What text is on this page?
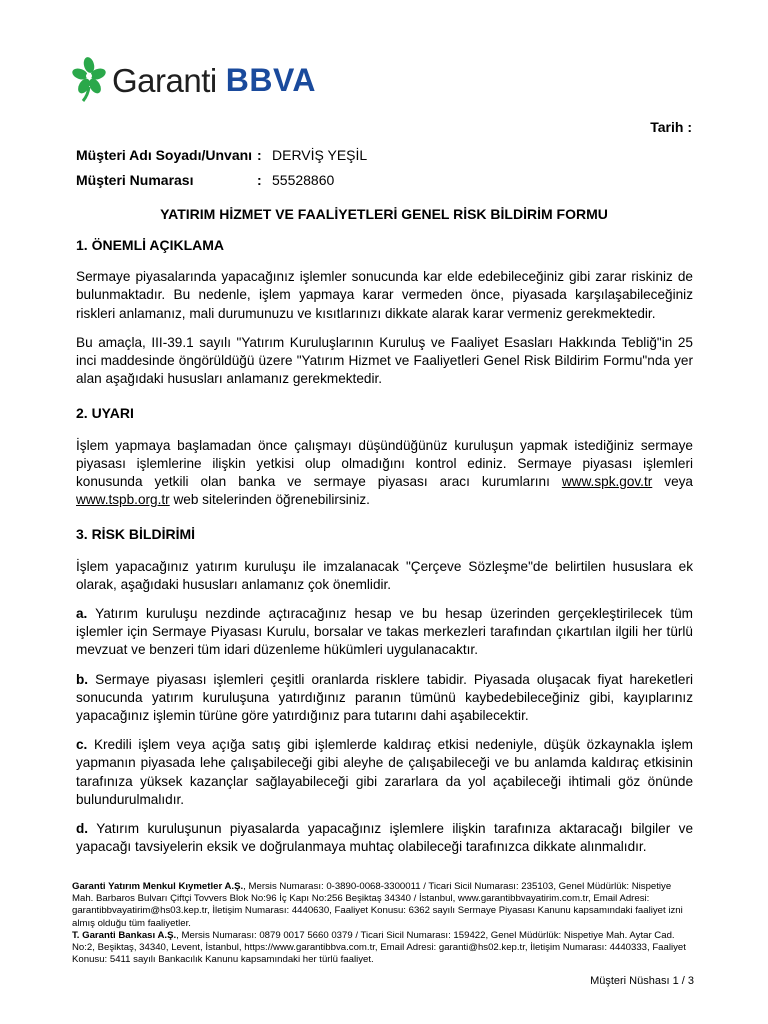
Garanti BBVA
Tarih :
Müşteri Adı Soyadı/Unvanı : DERVİŞ YEŞİL
Müşteri Numarası	: 55528860
YATIRIM HİZMET VE FAALİYETLERİ GENEL RİSK BİLDİRİM FORMU
1. ÖNEMLİ AÇIKLAMA

Sermaye piyasalarında yapacağınız işlemler sonucunda kar elde edebileceğiniz gibi zarar riskiniz de bulunmaktadır. Bu nedenle, işlem yapmaya karar vermeden önce, piyasada karşılaşabileceğiniz riskleri anlamanız, mali durumunuzu ve kısıtlarınızı dikkate alarak karar vermeniz gerekmektedir.

Bu amaçla, III-39.1 sayılı "Yatırım Kuruluşlarının Kuruluş ve Faaliyet Esasları Hakkında Tebliğ"in 25 inci maddesinde öngörüldüğü üzere "Yatırım Hizmet ve Faaliyetleri Genel Risk Bildirim Formu"nda yer alan aşağıdaki hususları anlamanız gerekmektedir.

2. UYARI

İşlem yapmaya başlamadan önce çalışmayı düşündüğünüz kuruluşun yapmak istediğiniz sermaye piyasası işlemlerine ilişkin yetkisi olup olmadığını kontrol ediniz. Sermaye piyasası işlemleri konusunda yetkili olan banka ve sermaye piyasası aracı kurumlarını www.spk.gov.tr veya www.tspb.org.tr web sitelerinden öğrenebilirsiniz.

3. RİSK BİLDİRİMİ

İşlem yapacağınız yatırım kuruluşu ile imzalanacak "Çerçeve Sözleşme"de belirtilen hususlara ek olarak, aşağıdaki hususları anlamanız çok önemlidir.

a. Yatırım kuruluşu nezdinde açtıracağınız hesap ve bu hesap üzerinden gerçekleştirilecek tüm işlemler için Sermaye Piyasası Kurulu, borsalar ve takas merkezleri tarafından çıkartılan ilgili her türlü mevzuat ve benzeri tüm idari düzenleme hükümleri uygulanacaktır.

b. Sermaye piyasası işlemleri çeşitli oranlarda risklere tabidir. Piyasada oluşacak fiyat hareketleri sonucunda yatırım kuruluşuna yatırdığınız paranın tümünü kaybedebileceğiniz gibi, kayıplarınız yapacağınız işlemin türüne göre yatırdığınız para tutarını dahi aşabilecektir.

c. Kredili işlem veya açığa satış gibi işlemlerde kaldıraç etkisi nedeniyle, düşük özkaynakla işlem yapmanın piyasada lehe çalışabileceği gibi aleyhe de çalışabileceği ve bu anlamda kaldıraç etkisinin tarafınıza yüksek kazançlar sağlayabileceği gibi zararlara da yol açabileceği ihtimali göz önünde bulundurulmalıdır.

d. Yatırım kuruluşunun piyasalarda yapacağınız işlemlere ilişkin tarafınıza aktaracağı bilgiler ve yapacağı tavsiyelerin eksik ve doğrulanmaya muhtaç olabileceği tarafınızca dikkate alınmalıdır.

Garanti Yatırım Menkul Kıymetler A.Ş., Mersis Numarası: 0-3890-0068-3300011 / Ticari Sicil Numarası: 235103, Genel Müdürlük: Nispetiye Mah. Barbaros Bulvarı Çiftçi Tovvers Blok No:96 İç Kapı No:256 Beşiktaş 34340 / İstanbul, www.garantibbvayatirim.com.tr, Email Adresi: garantibbvayatirim@hs03.kep.tr, İletişim Numarası: 4440630, Faaliyet Konusu: 6362 sayılı Sermaye Piyasası Kanunu kapsamındaki faaliyet izni almış olduğu tüm faaliyetler.

T. Garanti Bankası A.Ş., Mersis Numarası: 0879 0017 5660 0379 / Ticari Sicil Numarası: 159422, Genel Müdürlük: Nispetiye Mah. Aytar Cad. No:2, Beşiktaş, 34340, Levent, İstanbul, https://www.garantibbva.com.tr, Email Adresi: garanti@hs02.kep.tr, İletişim Numarası: 4440333, Faaliyet Konusu: 5411 sayılı Bankacılık Kanunu kapsamındaki her türlü faaliyet.

Müşteri Nüshası 1 / 3
